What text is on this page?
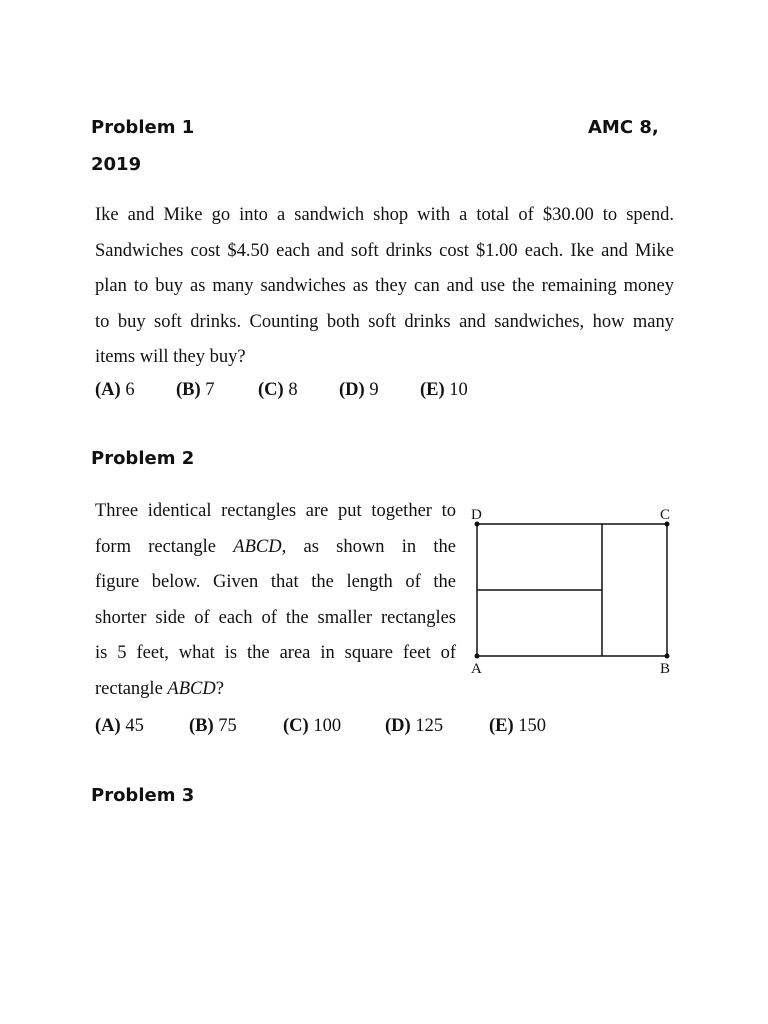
Problem 1	AMC 8,
2019
Ike and Mike go into a sandwich shop with a total of $30.00 to spend.
Sandwiches cost $4.50 each and soft drinks cost $1.00 each. Ike and Mike
plan to buy as many sandwiches as they can and use the remaining money
to buy soft drinks. Counting both soft drinks and sandwiches, how many
items will they buy?
(A) 6 (B) 7 (C) 8 (D) 9 (E) 10
Problem 2
Three identical rectangles are put together to
form rectangle ABCD, as shown in the
figure below. Given that the length of the
shorter side of each of the smaller rectangles
is 5 feet, what is the area in square feet of
rectangle ABCD?
D	C
A	B
(A) 45 (B) 75 (C) 100 (D) 125 (E) 150
Problem 3
